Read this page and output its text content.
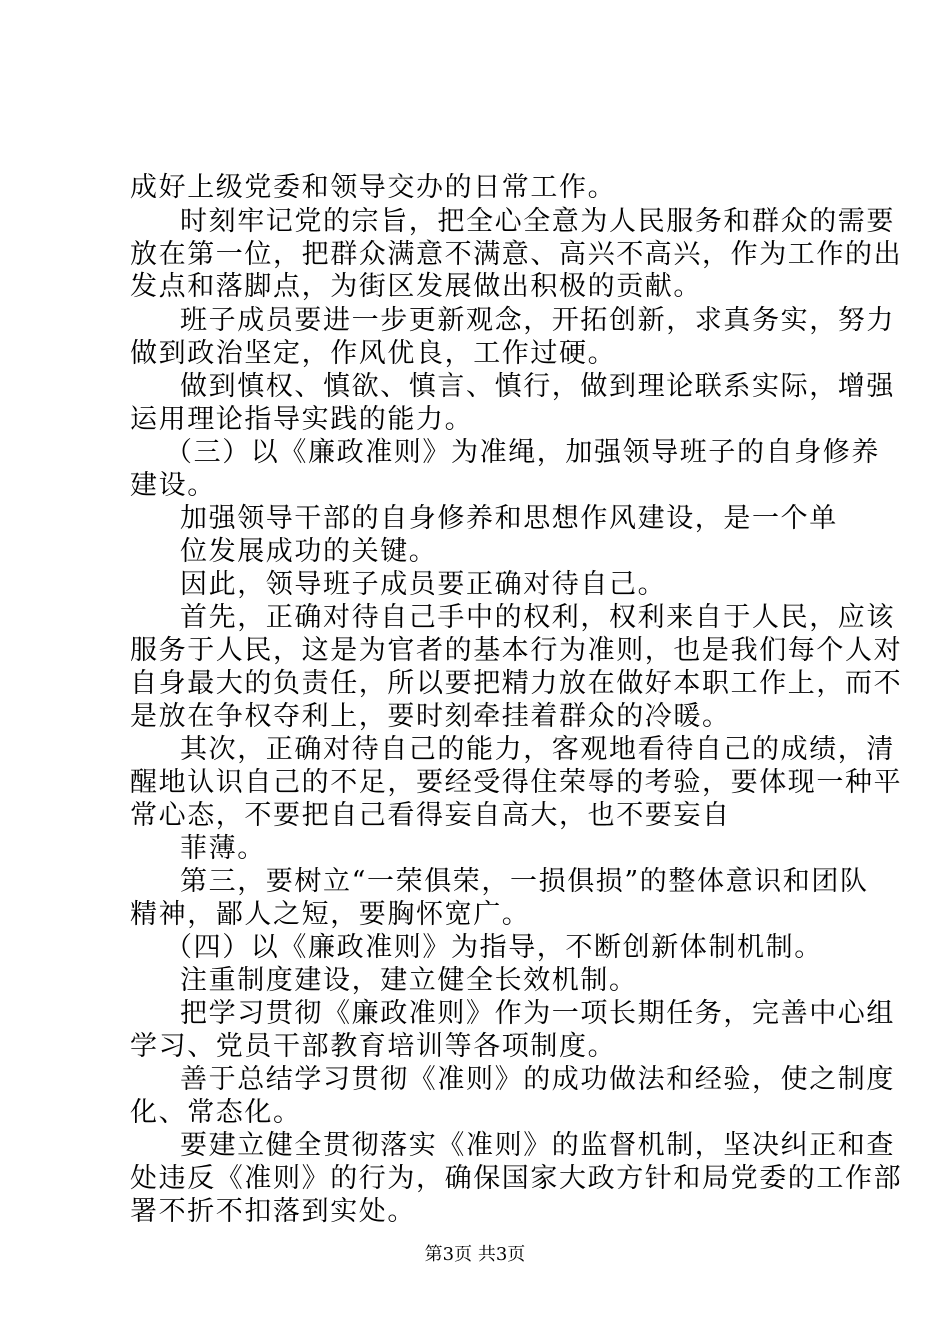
成好上级党委和领导交办的日常工作。
时刻牢记党的宗旨，把全心全意为人民服务和群众的需要
放在第一位，把群众满意不满意、高兴不高兴，作为工作的出
发点和落脚点，为街区发展做出积极的贡献。
班子成员要进一步更新观念，开拓创新，求真务实，努力
做到政治坚定，作风优良，工作过硬。
做到慎权、慎欲、慎言、慎行，做到理论联系实际，增强
运用理论指导实践的能力。
（三）以《廉政准则》为准绳，加强领导班子的自身修养
建设。
加强领导干部的自身修养和思想作风建设，是一个单
位发展成功的关键。
因此，领导班子成员要正确对待自己。
首先，正确对待自己手中的权利，权利来自于人民，应该
服务于人民，这是为官者的基本行为准则，也是我们每个人对
自身最大的负责任，所以要把精力放在做好本职工作上，而不
是放在争权夺利上，要时刻牵挂着群众的冷暖。
其次，正确对待自己的能力，客观地看待自己的成绩，清
醒地认识自己的不足，要经受得住荣辱的考验，要体现一种平
常心态，不要把自己看得妄自高大，也不要妄自
菲薄。
第三，要树立“一荣俱荣，一损俱损”的整体意识和团队
精神，鄙人之短，要胸怀宽广。
（四）以《廉政准则》为指导，不断创新体制机制。
注重制度建设，建立健全长效机制。
把学习贯彻《廉政准则》作为一项长期任务，完善中心组
学习、党员干部教育培训等各项制度。
善于总结学习贯彻《准则》的成功做法和经验，使之制度
化、常态化。
要建立健全贯彻落实《准则》的监督机制，坚决纠正和查
处违反《准则》的行为，确保国家大政方针和局党委的工作部
署不折不扣落到实处。
第3页 共3页
